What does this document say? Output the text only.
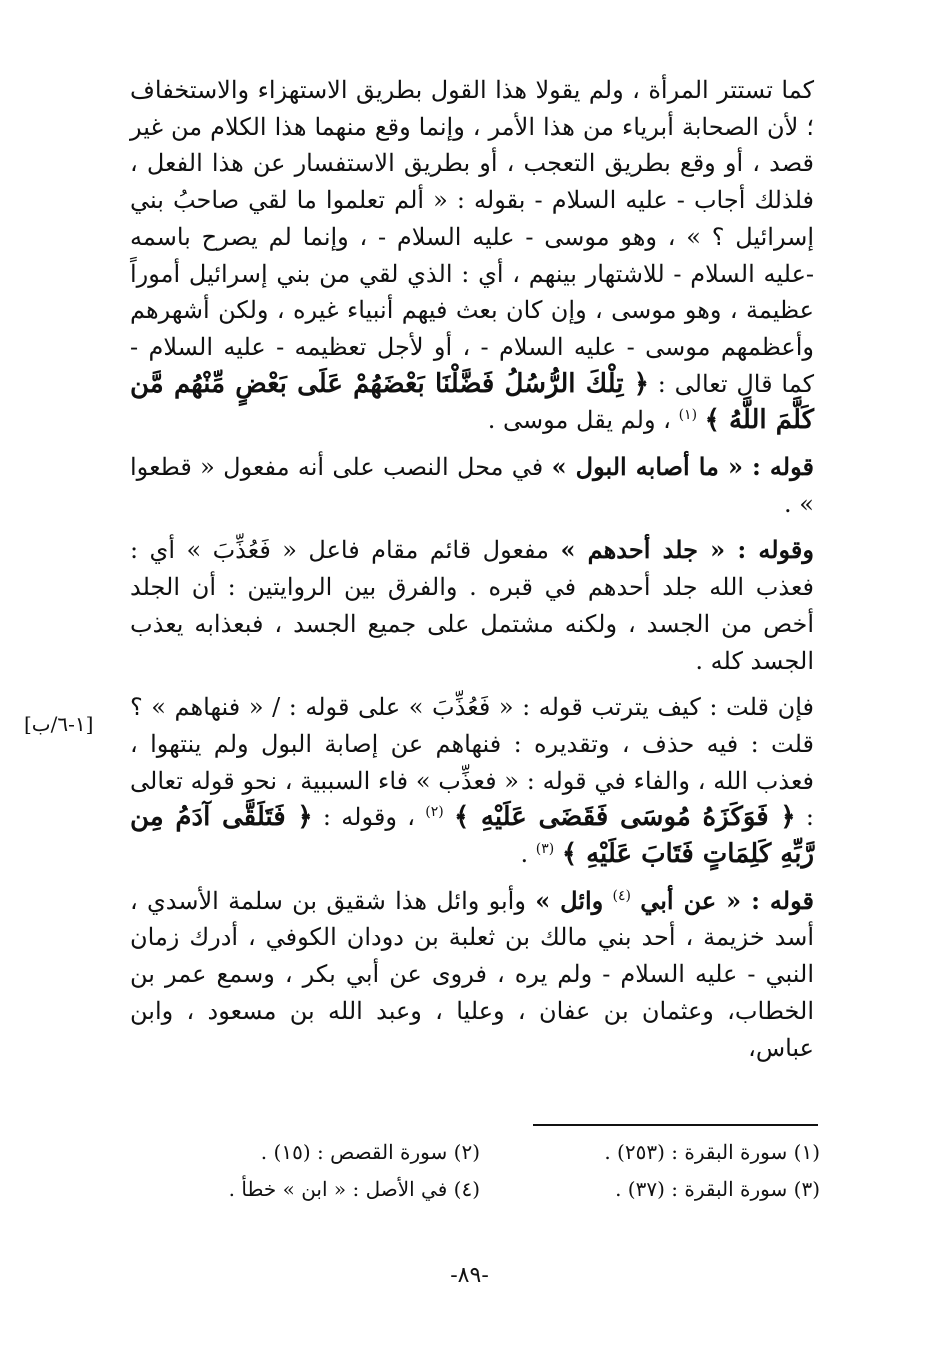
كما تستتر المرأة ، ولم يقولا هذا القول بطريق الاستهزاء والاستخفاف ؛ لأن الصحابة أبرياء من هذا الأمر ، وإنما وقع منهما هذا الكلام من غير قصد ، أو وقع بطريق التعجب ، أو بطريق الاستفسار عن هذا الفعل ، فلذلك أجاب - عليه السلام - بقوله : « ألم تعلموا ما لقي صاحبُ بني إسرائيل ؟ » ، وهو موسى - عليه السلام - ، وإنما لم يصرح باسمه -عليه السلام - للاشتهار بينهم ، أي : الذي لقي من بني إسرائيل أموراً عظيمة ، وهو موسى ، وإن كان بعث فيهم أنبياء غيره ، ولكن أشهرهم وأعظمهم موسى - عليه السلام - ، أو لأجل تعظيمه - عليه السلام - كما قال تعالى : ﴿ تِلْكَ الرُّسُلُ فَضَّلْنَا بَعْضَهُمْ عَلَى بَعْضٍ مِّنْهُم مَّن كَلَّمَ اللَّهُ ﴾ $^{(١)}$ ، ولم يقل موسى .

قوله : « ما أصابه البول » في محل النصب على أنه مفعول « قطعوا » .

وقوله : « جلد أحدهم » مفعول قائم مقام فاعل « فَعُذِّبَ » أي : فعذب الله جلد أحدهم في قبره . والفرق بين الروايتين : أن الجلد أخص من الجسد ، ولكنه مشتمل على جميع الجسد ، فبعذابه يعذب الجسد كله .

فإن قلت : كيف يترتب قوله : « فَعُذِّبَ » على قوله : / « فنهاهم » ؟ قلت : فيه حذف ، وتقديره : فنهاهم عن إصابة البول ولم ينتهوا ، فعذب الله ، والفاء في قوله : « فعذِّب » فاء السببية ، نحو قوله تعالى : ﴿ فَوَكَزَهُ مُوسَى فَقَضَى عَلَيْهِ ﴾ $^{(٢)}$ ، وقوله : ﴿ فَتَلَقَّى آدَمُ مِن رَّبِّهِ كَلِمَاتٍ فَتَابَ عَلَيْهِ ﴾ $^{(٣)}$ .

قوله : « عن أبي $^{(٤)}$ وائل » وأبو وائل هذا شقيق بن سلمة الأسدي ، أسد خزيمة ، أحد بني مالك بن ثعلبة بن دودان الكوفي ، أدرك زمان النبي - عليه السلام - ولم يره ، فروى عن أبي بكر ، وسمع عمر بن الخطاب، وعثمان بن عفان ، وعليا ، وعبد الله بن مسعود ، وابن عباس،

[١-٦/ب]
(١) سورة البقرة : (٢٥٣) .
(٢) سورة القصص : (١٥) .
(٣) سورة البقرة : (٣٧) .
(٤) في الأصل : « ابن » خطأ .
-٨٩-
